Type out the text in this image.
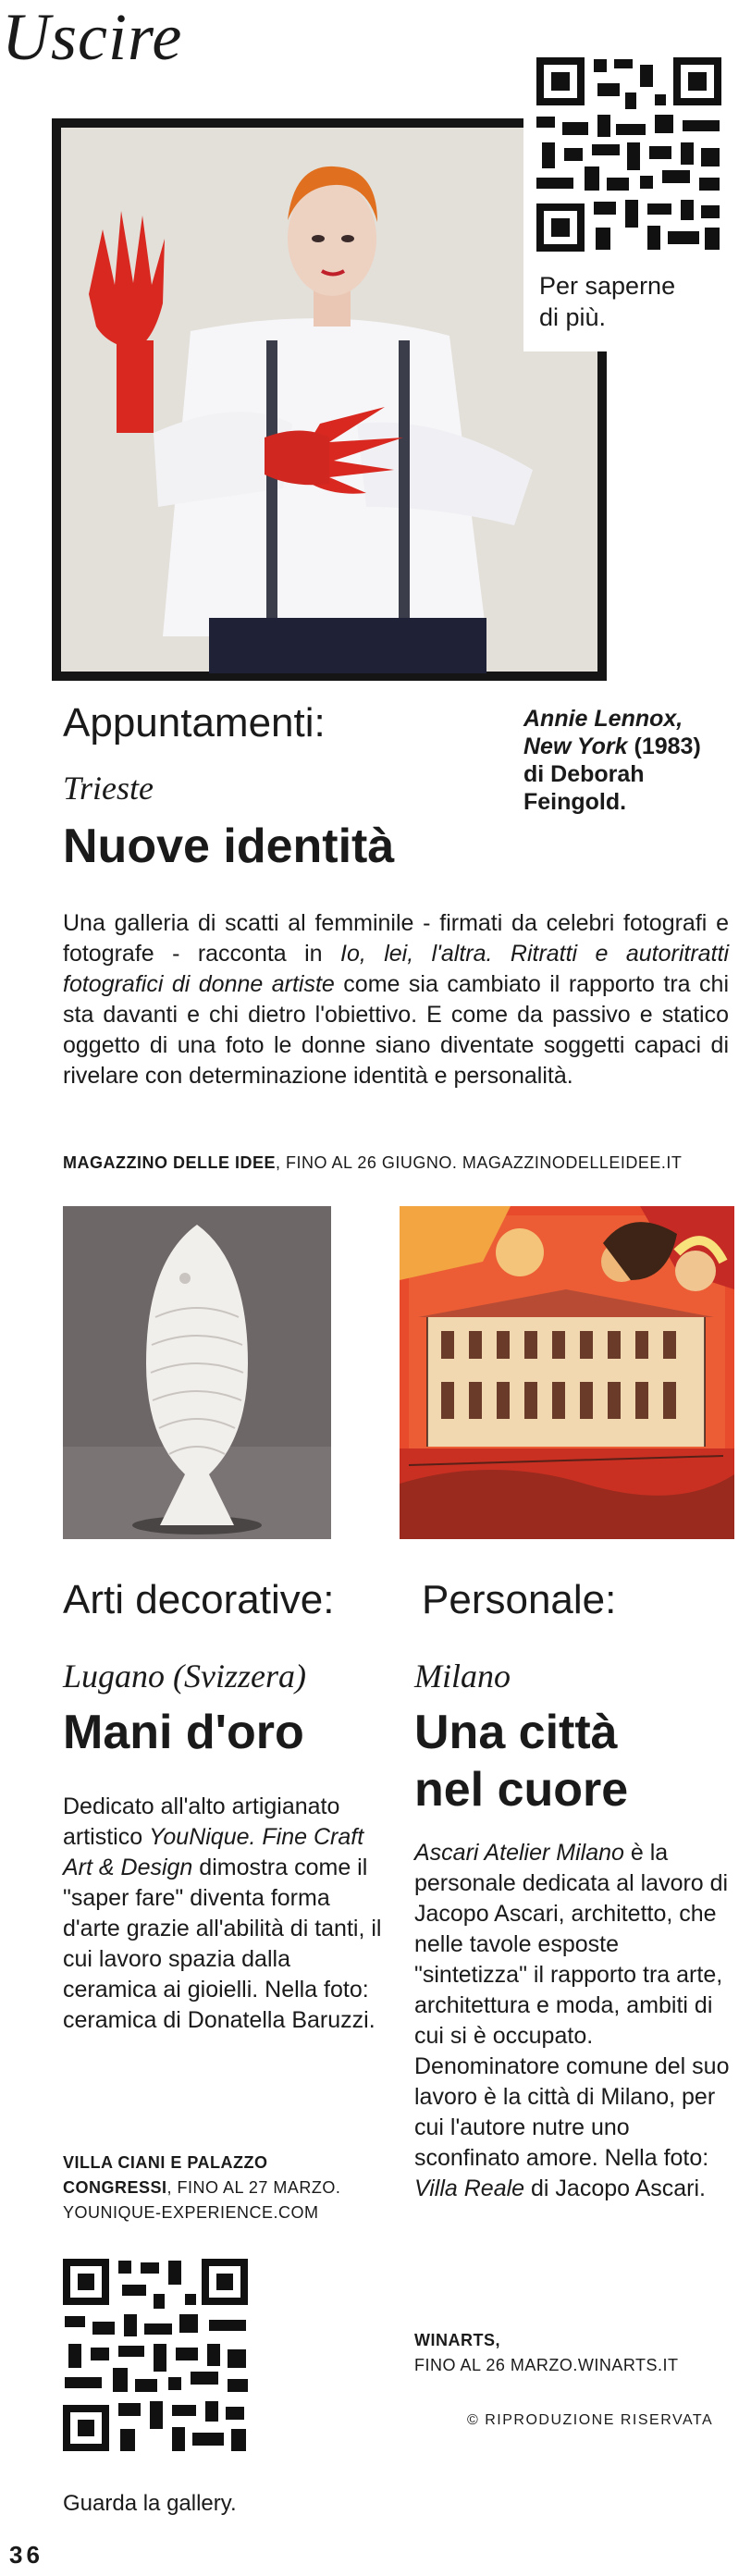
Uscire
Per saperne
di più.
Appuntamenti:
Trieste
Nuove identità
Annie Lennox,
New York (1983)
di Deborah
Feingold.
Una galleria di scatti al femminile - firmati da celebri fotografi e fotografe - racconta in Io, lei, l'altra. Ritratti e autoritratti fotografici di donne artiste come sia cambiato il rapporto tra chi sta davanti e chi dietro l'obiettivo. E come da passivo e statico oggetto di una foto le donne siano diventate soggetti capaci di rivelare con determinazione identità e personalità.
MAGAZZINO DELLE IDEE, FINO AL 26 GIUGNO. MAGAZZINODELLEIDEE.IT
Arti decorative:
Lugano (Svizzera)
Mani d'oro
Dedicato all'alto artigianato artistico YouNique. Fine Craft Art & Design dimostra come il "saper fare" diventa forma d'arte grazie all'abilità di tanti, il cui lavoro spazia dalla ceramica ai gioielli. Nella foto: ceramica di Donatella Baruzzi.
VILLA CIANI E PALAZZO
CONGRESSI, FINO AL 27 MARZO.
YOUNIQUE-EXPERIENCE.COM
Personale:
Milano
Una città
nel cuore
Ascari Atelier Milano è la personale dedicata al lavoro di Jacopo Ascari, architetto, che nelle tavole esposte "sintetizza" il rapporto tra arte, architettura e moda, ambiti di cui si è occupato. Denominatore comune del suo lavoro è la città di Milano, per cui l'autore nutre uno sconfinato amore. Nella foto: Villa Reale di Jacopo Ascari.
WINARTS,
FINO AL 26 MARZO.WINARTS.IT
© RIPRODUZIONE RISERVATA
Guarda la gallery.
36
